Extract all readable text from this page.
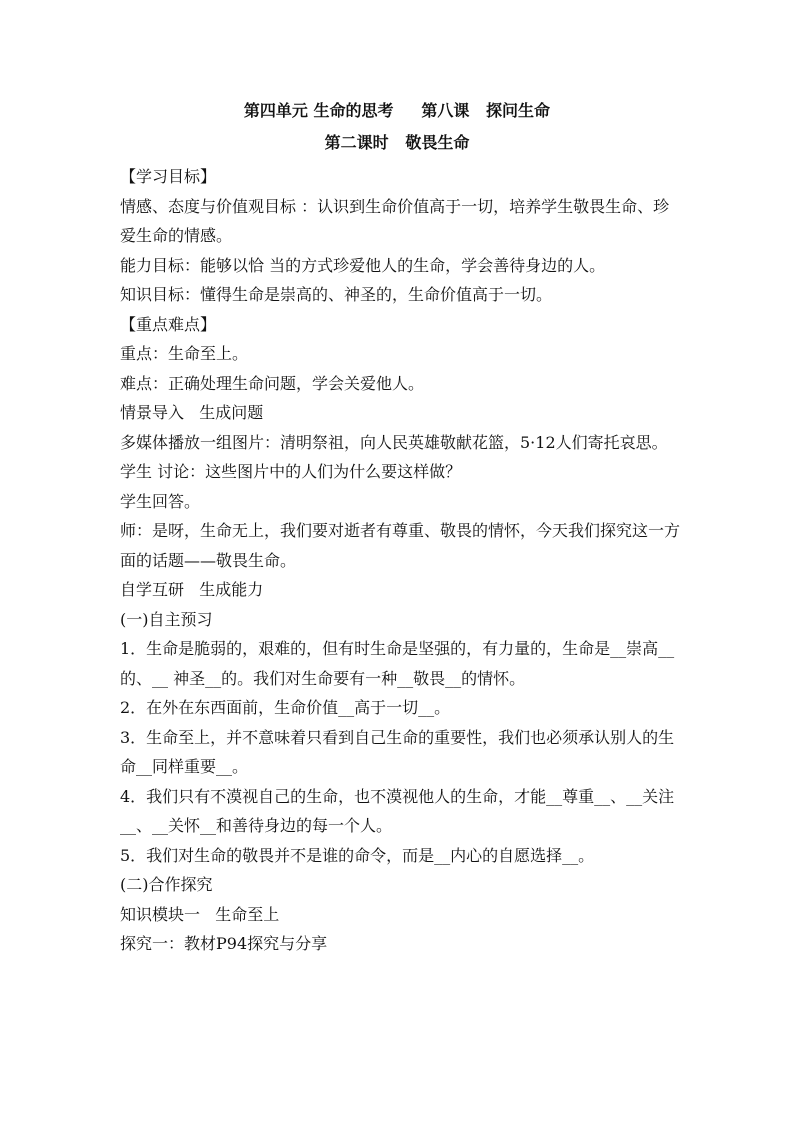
第四单元 生命的思考     第八课   探问生命
第二课时   敬畏生命
【学习目标】
情感、态度与价值观目标 ：认识到生命价值高于一切，培养学生敬畏生命、珍
爱生命的情感。
能力目标：能够以恰 当的方式珍爱他人的生命，学会善待身边的人。
知识目标：懂得生命是崇高的、神圣的，生命价值高于一切。
【重点难点】
重点：生命至上。
难点：正确处理生命问题，学会关爱他人。
情景导入   生成问题
多媒体播放一组图片：清明祭祖，向人民英雄敬献花篮，5·12人们寄托哀思。
学生 讨论：这些图片中的人们为什么要这样做？
学生回答。
师：是呀，生命无上，我们要对逝者有尊重、敬畏的情怀，今天我们探究这一方
面的话题——敬畏生命。
自学互研   生成能力
(一)自主预习
1．生命是脆弱的，艰难的，但有时生命是坚强的，有力量的，生命是__崇高__
的、__ 神圣__的。我们对生命要有一种__敬畏__的情怀。
2．在外在东西面前，生命价值__高于一切__。
3．生命至上，并不意味着只看到自己生命的重要性，我们也必须承认别人的生
命__同样重要__。
4．我们只有不漠视自己的生命，也不漠视他人的生命，才能__尊重__、__关注
__、__关怀__和善待身边的每一个人。
5．我们对生命的敬畏并不是谁的命令，而是__内心的自愿选择__。
(二)合作探究
知识模块一   生命至上
探究一：教材P94探究与分享
